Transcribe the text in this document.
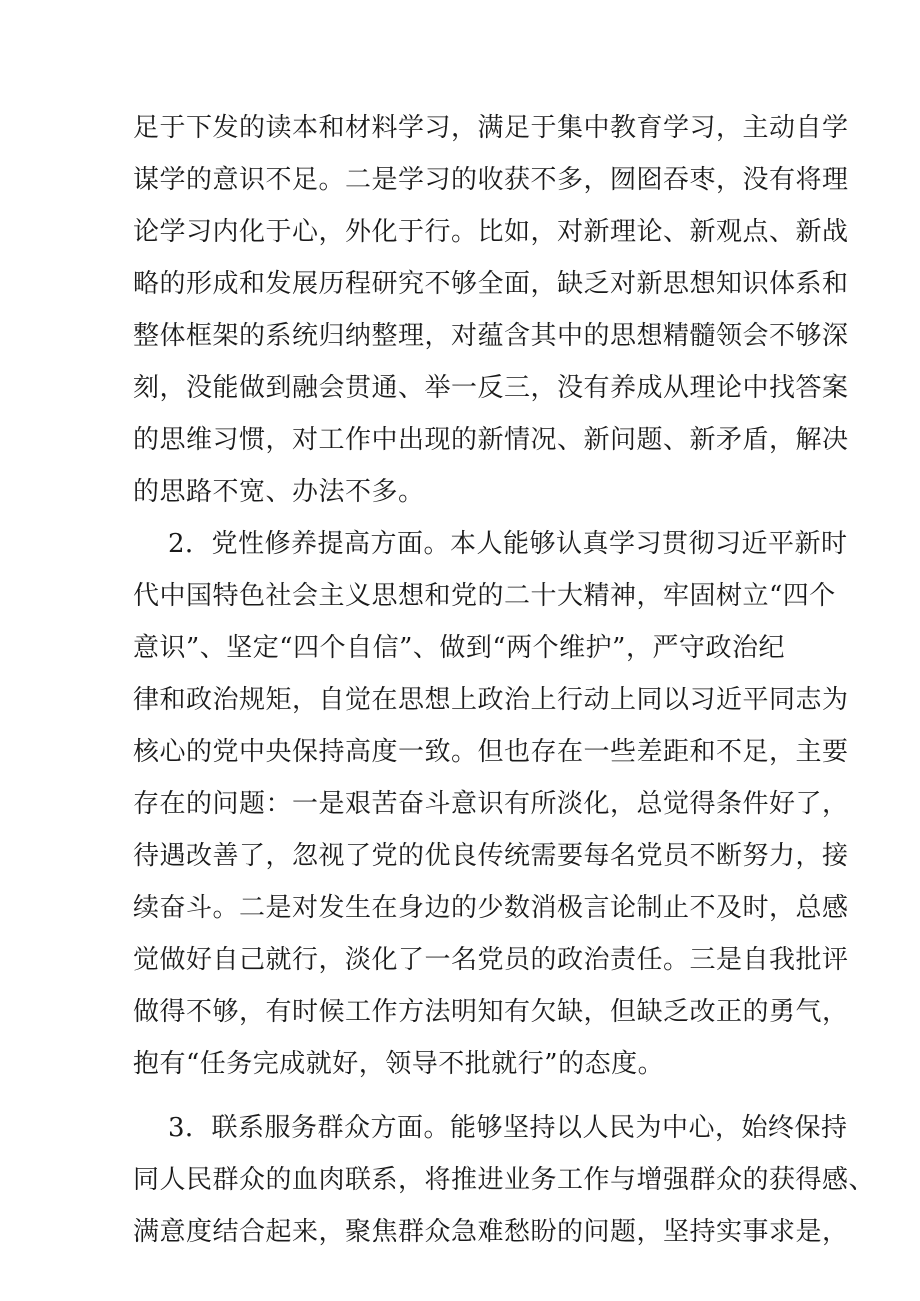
足于下发的读本和材料学习，满足于集中教育学习，主动自学
谋学的意识不足。二是学习的收获不多，囫囵吞枣，没有将理
论学习内化于心，外化于行。比如，对新理论、新观点、新战
略的形成和发展历程研究不够全面，缺乏对新思想知识体系和
整体框架的系统归纳整理，对蕴含其中的思想精髓领会不够深
刻，没能做到融会贯通、举一反三，没有养成从理论中找答案
的思维习惯，对工作中出现的新情况、新问题、新矛盾，解决
的思路不宽、办法不多。
2．党性修养提高方面。本人能够认真学习贯彻习近平新时
代中国特色社会主义思想和党的二十大精神，牢固树立“四个
意识”、坚定“四个自信”、做到“两个维护”，严守政治纪
律和政治规矩，自觉在思想上政治上行动上同以习近平同志为
核心的党中央保持高度一致。但也存在一些差距和不足，主要
存在的问题：一是艰苦奋斗意识有所淡化，总觉得条件好了，
待遇改善了，忽视了党的优良传统需要每名党员不断努力，接
续奋斗。二是对发生在身边的少数消极言论制止不及时，总感
觉做好自己就行，淡化了一名党员的政治责任。三是自我批评
做得不够，有时候工作方法明知有欠缺，但缺乏改正的勇气，
抱有“任务完成就好，领导不批就行”的态度。
3．联系服务群众方面。能够坚持以人民为中心，始终保持
同人民群众的血肉联系，将推进业务工作与增强群众的获得感、
满意度结合起来，聚焦群众急难愁盼的问题，坚持实事求是，
